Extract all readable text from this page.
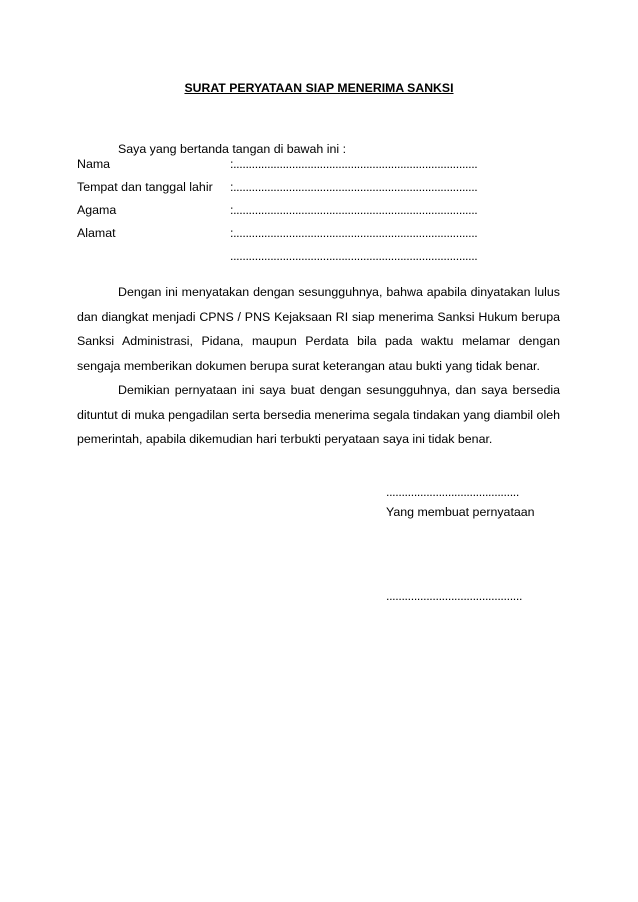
SURAT PERYATAAN SIAP MENERIMA SANKSI
Saya yang bertanda tangan di bawah ini :
Nama	:...............................................................................
Tempat dan tanggal lahir :...............................................................................
Agama	:...............................................................................
Alamat	:...............................................................................
................................................................................
Dengan ini menyatakan dengan sesungguhnya, bahwa apabila dinyatakan lulus dan diangkat menjadi CPNS / PNS Kejaksaan RI siap menerima Sanksi Hukum berupa Sanksi Administrasi, Pidana, maupun Perdata bila pada waktu melamar dengan sengaja memberikan dokumen berupa surat keterangan atau bukti yang tidak benar.
Demikian pernyataan ini saya buat dengan sesungguhnya, dan saya bersedia dituntut di muka pengadilan serta bersedia menerima segala tindakan yang diambil oleh pemerintah, apabila dikemudian hari terbukti peryataan saya ini tidak benar.
...........................................
Yang membuat pernyataan
............................................
